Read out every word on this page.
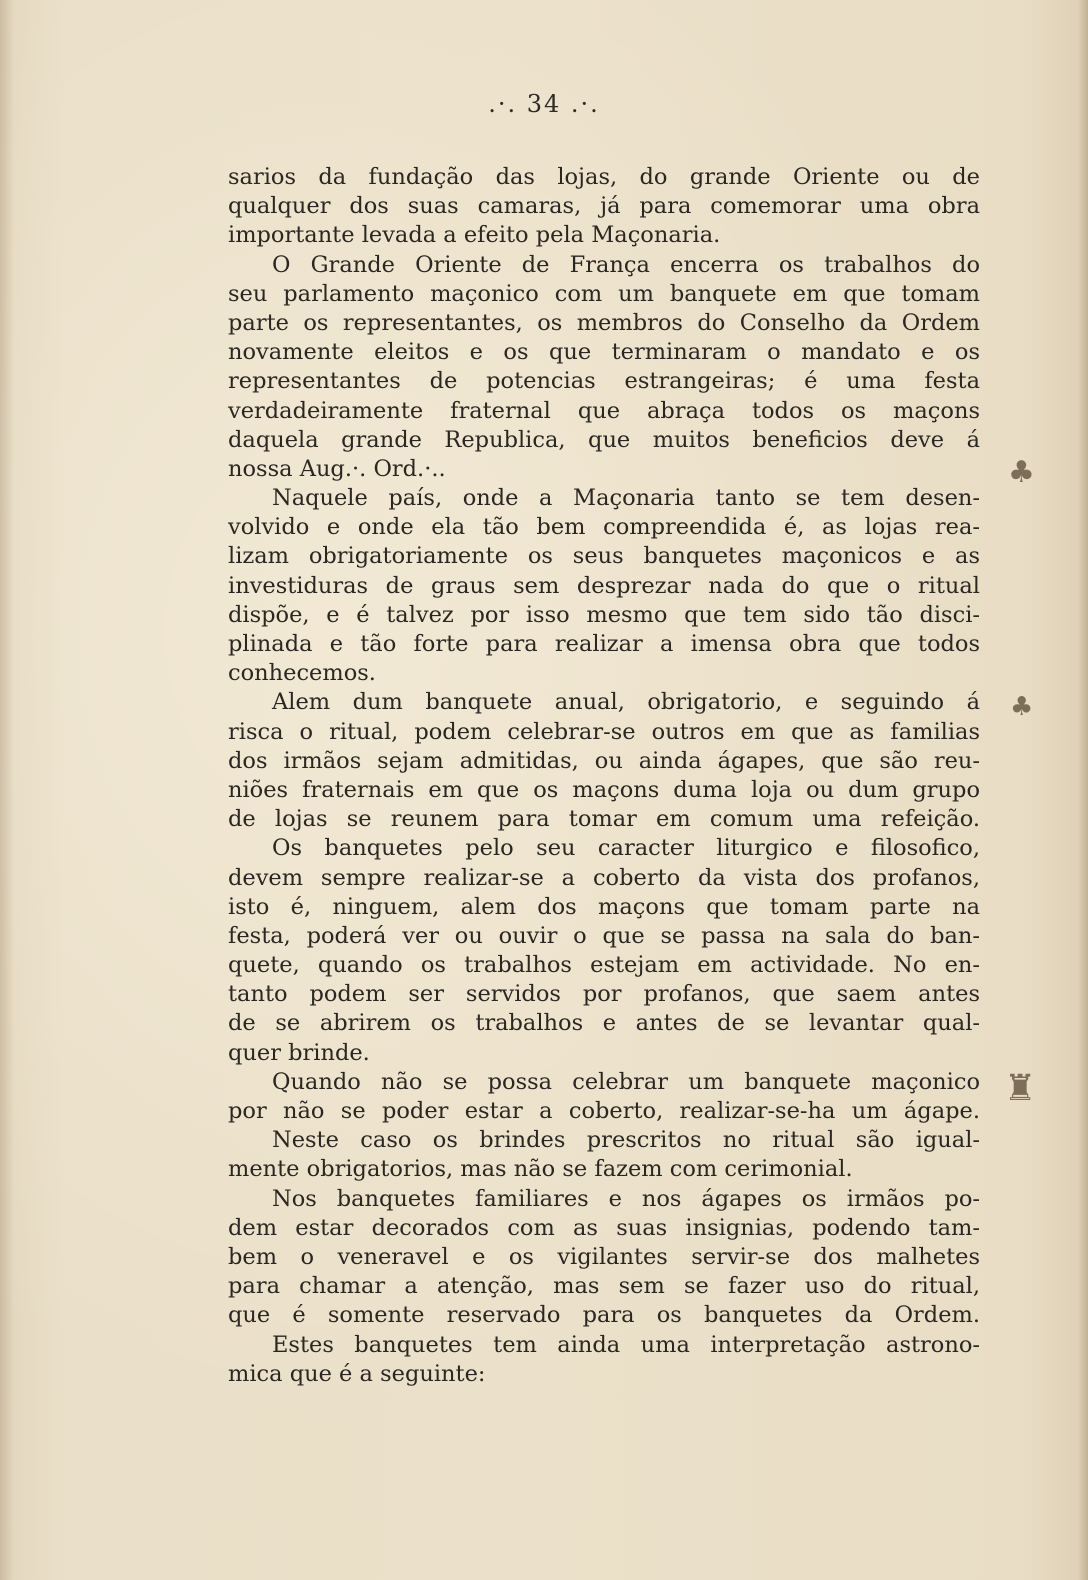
.·. 34 .·.
sarios da fundação das lojas, do grande Oriente ou de
qualquer dos suas camaras, já para comemorar uma obra
importante levada a efeito pela Maçonaria.
O Grande Oriente de França encerra os trabalhos do
seu parlamento maçonico com um banquete em que tomam
parte os representantes, os membros do Conselho da Ordem
novamente eleitos e os que terminaram o mandato e os
representantes de potencias estrangeiras; é uma festa
verdadeiramente fraternal que abraça todos os maçons
daquela grande Republica, que muitos beneficios deve á
nossa Aug.·. Ord.·..
Naquele país, onde a Maçonaria tanto se tem desen-
volvido e onde ela tão bem compreendida é, as lojas rea-
lizam obrigatoriamente os seus banquetes maçonicos e as
investiduras de graus sem desprezar nada do que o ritual
dispõe, e é talvez por isso mesmo que tem sido tão disci-
plinada e tão forte para realizar a imensa obra que todos
conhecemos.
Alem dum banquete anual, obrigatorio, e seguindo á
risca o ritual, podem celebrar-se outros em que as familias
dos irmãos sejam admitidas, ou ainda ágapes, que são reu-
niões fraternais em que os maçons duma loja ou dum grupo
de lojas se reunem para tomar em comum uma refeição.
Os banquetes pelo seu caracter liturgico e filosofico,
devem sempre realizar-se a coberto da vista dos profanos,
isto é, ninguem, alem dos maçons que tomam parte na
festa, poderá ver ou ouvir o que se passa na sala do ban-
quete, quando os trabalhos estejam em actividade. No en-
tanto podem ser servidos por profanos, que saem antes
de se abrirem os trabalhos e antes de se levantar qual-
quer brinde.
Quando não se possa celebrar um banquete maçonico
por não se poder estar a coberto, realizar-se-ha um ágape.
Neste caso os brindes prescritos no ritual são igual-
mente obrigatorios, mas não se fazem com cerimonial.
Nos banquetes familiares e nos ágapes os irmãos po-
dem estar decorados com as suas insignias, podendo tam-
bem o veneravel e os vigilantes servir-se dos malhetes
para chamar a atenção, mas sem se fazer uso do ritual,
que é somente reservado para os banquetes da Ordem.
Estes banquetes tem ainda uma interpretação astrono-
mica que é a seguinte:
♣
♣
♜
